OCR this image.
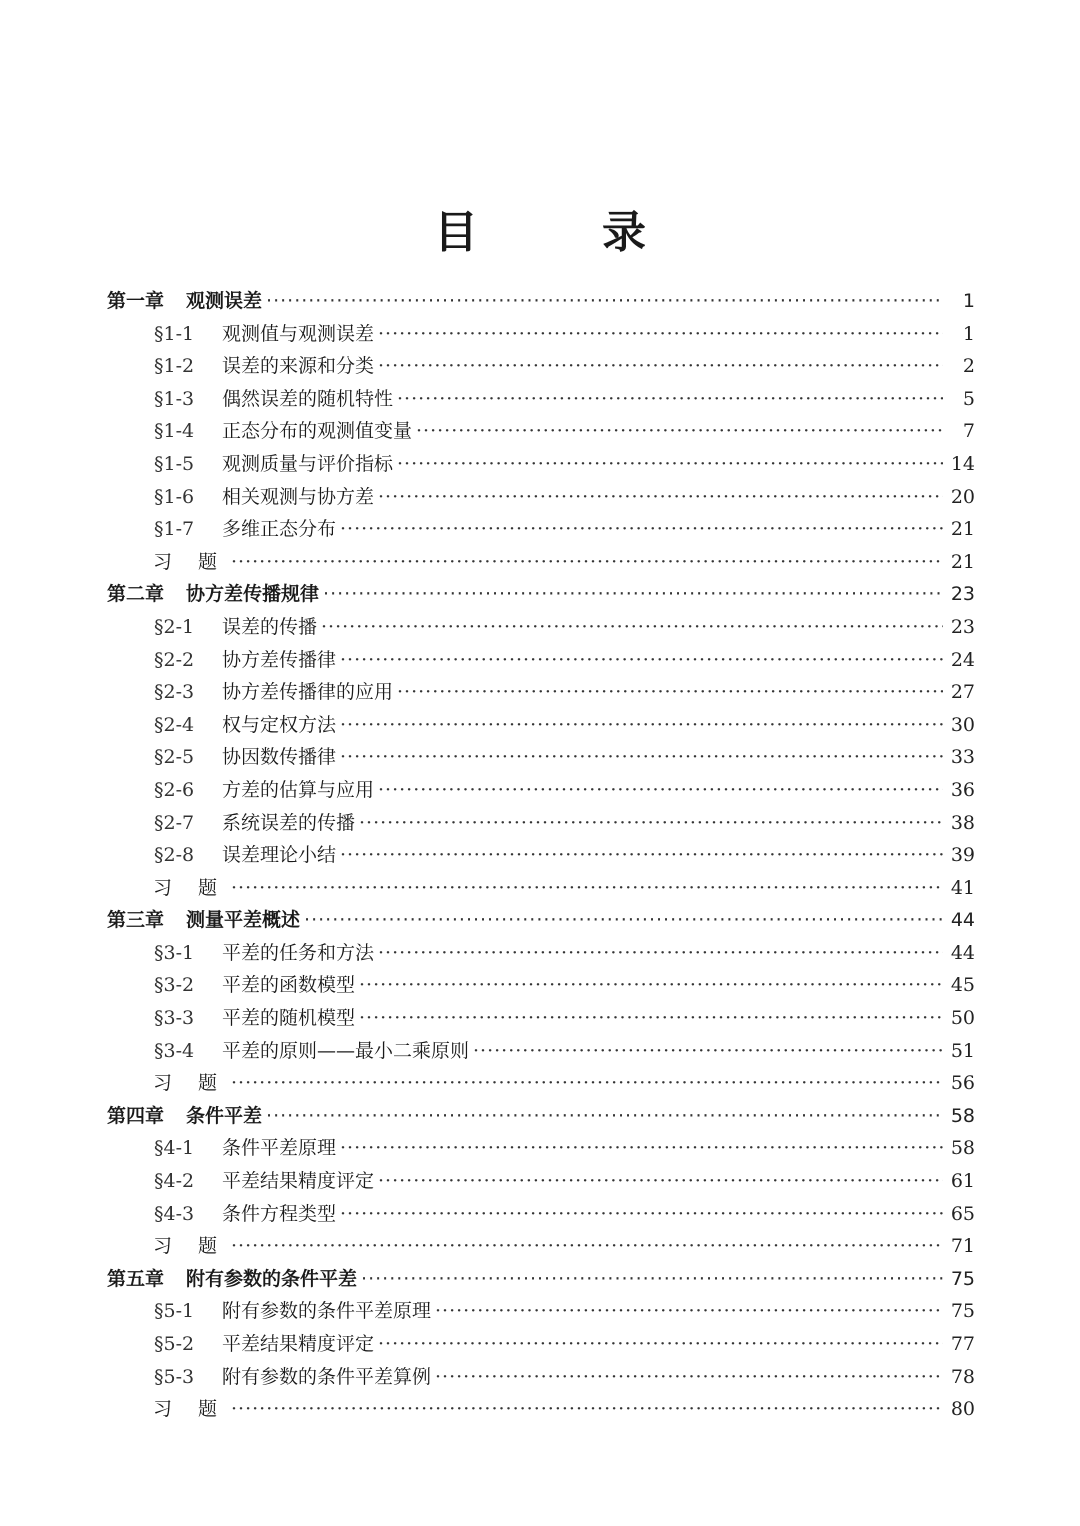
目　录
第一章 观测误差 ·····	1
§1-1	观测值与观测误差 ·····	1
§1-2	误差的来源和分类 ·····	2
§1-3	偶然误差的随机特性 ·····	5
§1-4	正态分布的观测值变量 ·····	7
§1-5	观测质量与评价指标 ·····	14
§1-6	相关观测与协方差 ·····	20
§1-7	多维正态分布 ·····	21
习题 ·····	21
第二章 协方差传播规律 ·····	23
§2-1	误差的传播 ·····	23
§2-2	协方差传播律 ·····	24
§2-3	协方差传播律的应用 ·····	27
§2-4	权与定权方法 ·····	30
§2-5	协因数传播律 ·····	33
§2-6	方差的估算与应用 ·····	36
§2-7	系统误差的传播 ·····	38
§2-8	误差理论小结 ·····	39
习题 ·····	41
第三章 测量平差概述 ·····	44
§3-1	平差的任务和方法 ·····	44
§3-2	平差的函数模型 ·····	45
§3-3	平差的随机模型 ·····	50
§3-4	平差的原则——最小二乘原则 ·····	51
习题 ·····	56
第四章 条件平差 ·····	58
§4-1	条件平差原理 ·····	58
§4-2	平差结果精度评定 ·····	61
§4-3	条件方程类型 ·····	65
习题 ·····	71
第五章 附有参数的条件平差 ·····	75
§5-1	附有参数的条件平差原理 ·····	75
§5-2	平差结果精度评定 ·····	77
§5-3	附有参数的条件平差算例 ·····	78
习题 ·····	80
